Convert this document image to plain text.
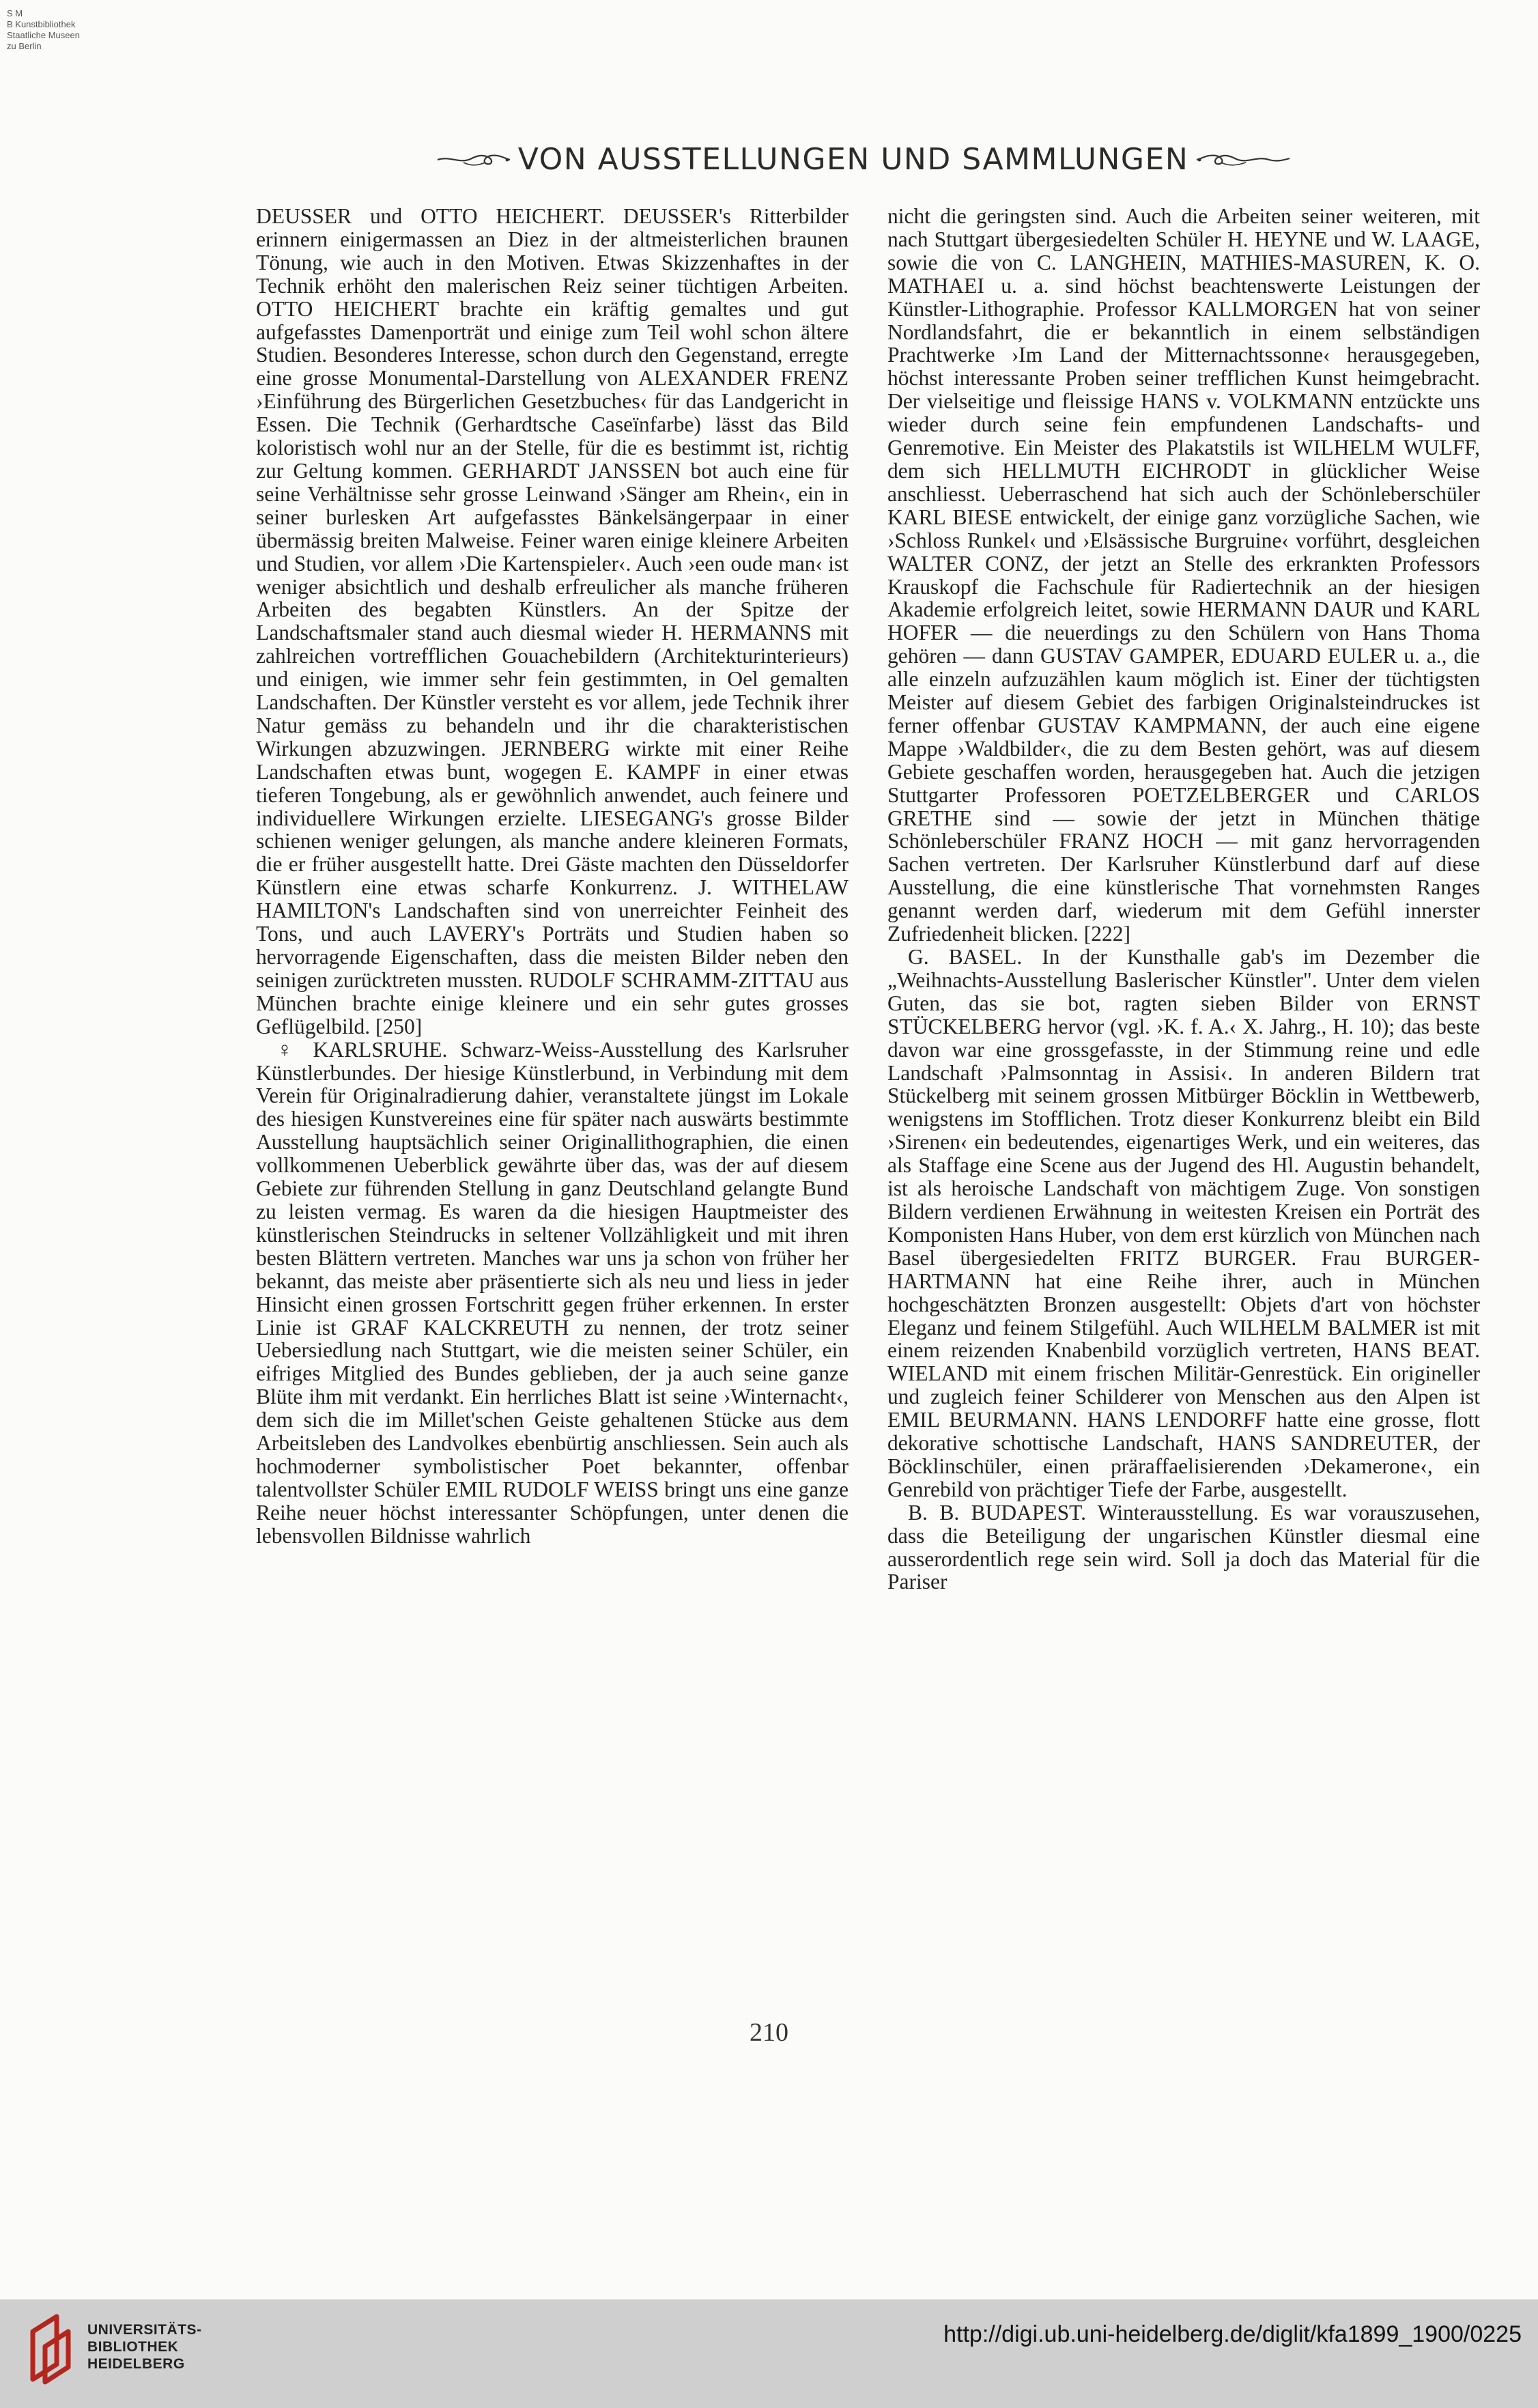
S M
B Kunstbibliothek
Staatliche Museen
zu Berlin
VON AUSSTELLUNGEN UND SAMMLUNGEN

DEUSSER und OTTO HEICHERT. DEUSSER's Ritterbilder erinnern einigermassen an Diez in der altmeisterlichen braunen Tönung, wie auch in den Motiven. Etwas Skizzenhaftes in der Technik erhöht den malerischen Reiz seiner tüchtigen Arbeiten. OTTO HEICHERT brachte ein kräftig gemaltes und gut aufgefasstes Damenporträt und einige zum Teil wohl schon ältere Studien. Besonderes Interesse, schon durch den Gegenstand, erregte eine grosse Monumental-Darstellung von ALEXANDER FRENZ ›Einführung des Bürgerlichen Gesetzbuches‹ für das Landgericht in Essen. Die Technik (Gerhardtsche Caseïnfarbe) lässt das Bild koloristisch wohl nur an der Stelle, für die es bestimmt ist, richtig zur Geltung kommen. GERHARDT JANSSEN bot auch eine für seine Verhältnisse sehr grosse Leinwand ›Sänger am Rhein‹, ein in seiner burlesken Art aufgefasstes Bänkelsängerpaar in einer übermässig breiten Malweise. Feiner waren einige kleinere Arbeiten und Studien, vor allem ›Die Kartenspieler‹. Auch ›een oude man‹ ist weniger absichtlich und deshalb erfreulicher als manche früheren Arbeiten des begabten Künstlers. An der Spitze der Landschaftsmaler stand auch diesmal wieder H. HERMANNS mit zahlreichen vortrefflichen Gouachebildern (Architekturinterieurs) und einigen, wie immer sehr fein gestimmten, in Oel gemalten Landschaften. Der Künstler versteht es vor allem, jede Technik ihrer Natur gemäss zu behandeln und ihr die charakteristischen Wirkungen abzuzwingen. JERNBERG wirkte mit einer Reihe Landschaften etwas bunt, wogegen E. KAMPF in einer etwas tieferen Tongebung, als er gewöhnlich anwendet, auch feinere und individuellere Wirkungen erzielte. LIESEGANG's grosse Bilder schienen weniger gelungen, als manche andere kleineren Formats, die er früher ausgestellt hatte. Drei Gäste machten den Düsseldorfer Künstlern eine etwas scharfe Konkurrenz. J. WITHELAW HAMILTON's Landschaften sind von unerreichter Feinheit des Tons, und auch LAVERY's Porträts und Studien haben so hervorragende Eigenschaften, dass die meisten Bilder neben den seinigen zurücktreten mussten. RUDOLF SCHRAMM-ZITTAU aus München brachte einige kleinere und ein sehr gutes grosses Geflügelbild. [250]

♀ KARLSRUHE. Schwarz-Weiss-Ausstellung des Karlsruher Künstlerbundes. Der hiesige Künstlerbund, in Verbindung mit dem Verein für Originalradierung dahier, veranstaltete jüngst im Lokale des hiesigen Kunstvereines eine für später nach auswärts bestimmte Ausstellung hauptsächlich seiner Originallithographien, die einen vollkommenen Ueberblick gewährte über das, was der auf diesem Gebiete zur führenden Stellung in ganz Deutschland gelangte Bund zu leisten vermag. Es waren da die hiesigen Hauptmeister des künstlerischen Steindrucks in seltener Vollzähligkeit und mit ihren besten Blättern vertreten. Manches war uns ja schon von früher her bekannt, das meiste aber präsentierte sich als neu und liess in jeder Hinsicht einen grossen Fortschritt gegen früher erkennen. In erster Linie ist GRAF KALCKREUTH zu nennen, der trotz seiner Uebersiedlung nach Stuttgart, wie die meisten seiner Schüler, ein eifriges Mitglied des Bundes geblieben, der ja auch seine ganze Blüte ihm mit verdankt. Ein herrliches Blatt ist seine ›Winternacht‹, dem sich die im Millet'schen Geiste gehaltenen Stücke aus dem Arbeitsleben des Landvolkes ebenbürtig anschliessen. Sein auch als hochmoderner symbolistischer Poet bekannter, offenbar talentvollster Schüler EMIL RUDOLF WEISS bringt uns eine ganze Reihe neuer höchst interessanter Schöpfungen, unter denen die lebensvollen Bildnisse wahrlich

nicht die geringsten sind. Auch die Arbeiten seiner weiteren, mit nach Stuttgart übergesiedelten Schüler H. HEYNE und W. LAAGE, sowie die von C. LANGHEIN, MATHIES-MASUREN, K. O. MATHAEI u. a. sind höchst beachtenswerte Leistungen der Künstler-Lithographie. Professor KALLMORGEN hat von seiner Nordlandsfahrt, die er bekanntlich in einem selbständigen Prachtwerke ›Im Land der Mitternachtssonne‹ herausgegeben, höchst interessante Proben seiner trefflichen Kunst heimgebracht. Der vielseitige und fleissige HANS v. VOLKMANN entzückte uns wieder durch seine fein empfundenen Landschafts- und Genremotive. Ein Meister des Plakatstils ist WILHELM WULFF, dem sich HELLMUTH EICHRODT in glücklicher Weise anschliesst. Ueberraschend hat sich auch der Schönleberschüler KARL BIESE entwickelt, der einige ganz vorzügliche Sachen, wie ›Schloss Runkel‹ und ›Elsässische Burgruine‹ vorführt, desgleichen WALTER CONZ, der jetzt an Stelle des erkrankten Professors Krauskopf die Fachschule für Radiertechnik an der hiesigen Akademie erfolgreich leitet, sowie HERMANN DAUR und KARL HOFER — die neuerdings zu den Schülern von Hans Thoma gehören — dann GUSTAV GAMPER, EDUARD EULER u. a., die alle einzeln aufzuzählen kaum möglich ist. Einer der tüchtigsten Meister auf diesem Gebiet des farbigen Originalsteindruckes ist ferner offenbar GUSTAV KAMPMANN, der auch eine eigene Mappe ›Waldbilder‹, die zu dem Besten gehört, was auf diesem Gebiete geschaffen worden, herausgegeben hat. Auch die jetzigen Stuttgarter Professoren POETZELBERGER und CARLOS GRETHE sind — sowie der jetzt in München thätige Schönleberschüler FRANZ HOCH — mit ganz hervorragenden Sachen vertreten. Der Karlsruher Künstlerbund darf auf diese Ausstellung, die eine künstlerische That vornehmsten Ranges genannt werden darf, wiederum mit dem Gefühl innerster Zufriedenheit blicken. [222]

G. BASEL. In der Kunsthalle gab's im Dezember die „Weihnachts-Ausstellung Baslerischer Künstler". Unter dem vielen Guten, das sie bot, ragten sieben Bilder von ERNST STÜCKELBERG hervor (vgl. ›K. f. A.‹ X. Jahrg., H. 10); das beste davon war eine grossgefasste, in der Stimmung reine und edle Landschaft ›Palmsonntag in Assisi‹. In anderen Bildern trat Stückelberg mit seinem grossen Mitbürger Böcklin in Wettbewerb, wenigstens im Stofflichen. Trotz dieser Konkurrenz bleibt ein Bild ›Sirenen‹ ein bedeutendes, eigenartiges Werk, und ein weiteres, das als Staffage eine Scene aus der Jugend des Hl. Augustin behandelt, ist als heroische Landschaft von mächtigem Zuge. Von sonstigen Bildern verdienen Erwähnung in weitesten Kreisen ein Porträt des Komponisten Hans Huber, von dem erst kürzlich von München nach Basel übergesiedelten FRITZ BURGER. Frau BURGER-HARTMANN hat eine Reihe ihrer, auch in München hochgeschätzten Bronzen ausgestellt: Objets d'art von höchster Eleganz und feinem Stilgefühl. Auch WILHELM BALMER ist mit einem reizenden Knabenbild vorzüglich vertreten, HANS BEAT. WIELAND mit einem frischen Militär-Genrestück. Ein origineller und zugleich feiner Schilderer von Menschen aus den Alpen ist EMIL BEURMANN. HANS LENDORFF hatte eine grosse, flott dekorative schottische Landschaft, HANS SANDREUTER, der Böcklinschüler, einen präraffaelisierenden ›Dekamerone‹, ein Genrebild von prächtiger Tiefe der Farbe, ausgestellt.

B. B. BUDAPEST. Winterausstellung. Es war vorauszusehen, dass die Beteiligung der ungarischen Künstler diesmal eine ausserordentlich rege sein wird. Soll ja doch das Material für die Pariser

210
UNIVERSITÄTS-
BIBLIOTHEK
HEIDELBERG
http://digi.ub.uni-heidelberg.de/diglit/kfa1899_1900/0225
